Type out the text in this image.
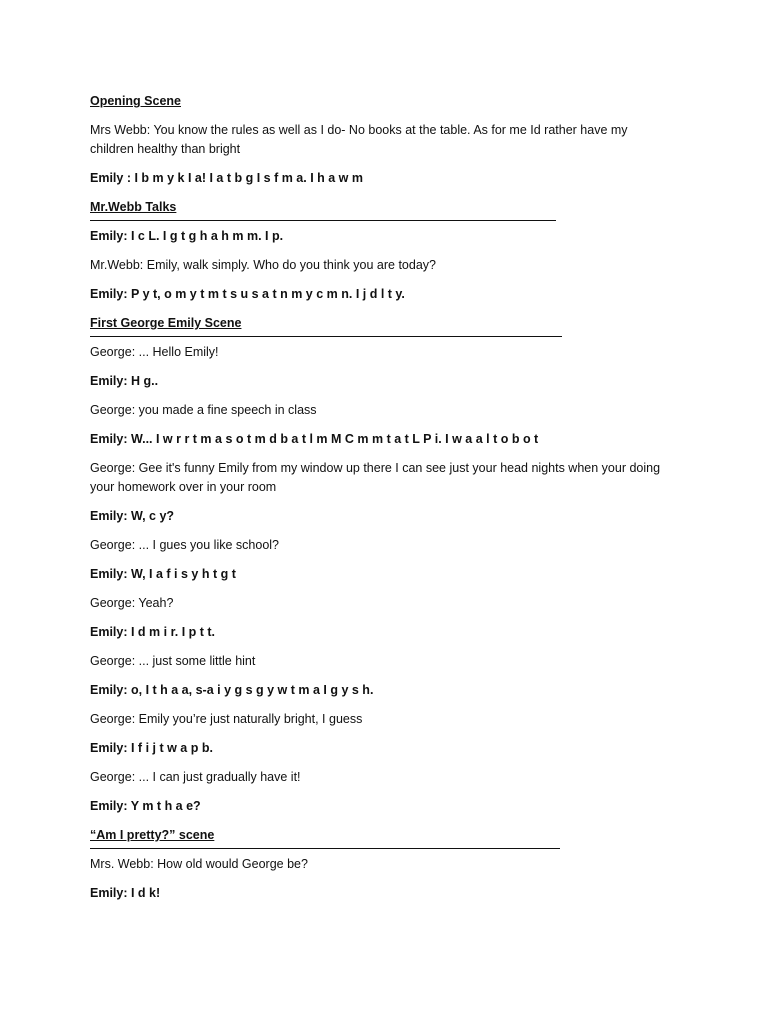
Opening Scene
Mrs Webb: You know the rules as well as I do- No books at the table. As for me Id rather have my children healthy than bright
Emily : I b m y k I a! I a t b g I s f m a. I h a w m
Mr.Webb Talks
Emily: I c L. I g t g h a h m m. I p.
Mr.Webb: Emily, walk simply. Who do you think you are today?
Emily: P y t, o m y t m t s u s a t n m y c m n. I j d l t y.
First George Emily Scene
George: ... Hello Emily!
Emily: H g..
George: you made a fine speech in class
Emily: W... I w r r t m a s o t m d b a t l m M C m m t a t L P i. I w a a l t o b o t
George: Gee it's funny Emily from my window up there I can see just your head nights when your doing your homework over in your room
Emily: W, c y?
George: ... I gues you like school?
Emily: W, I a f i s y h t g t
George: Yeah?
Emily: I d m i r. I p t t.
George: ... just some little hint
Emily: o, I t h a a, s-a i y g s g y w t m a I g y s h.
George: Emily you’re just naturally bright, I guess
Emily: I f i j t w a p b.
George: ... I can just gradually have it!
Emily: Y m t h a e?
“Am I pretty?” scene
Mrs. Webb: How old would George be?
Emily: I d k!
